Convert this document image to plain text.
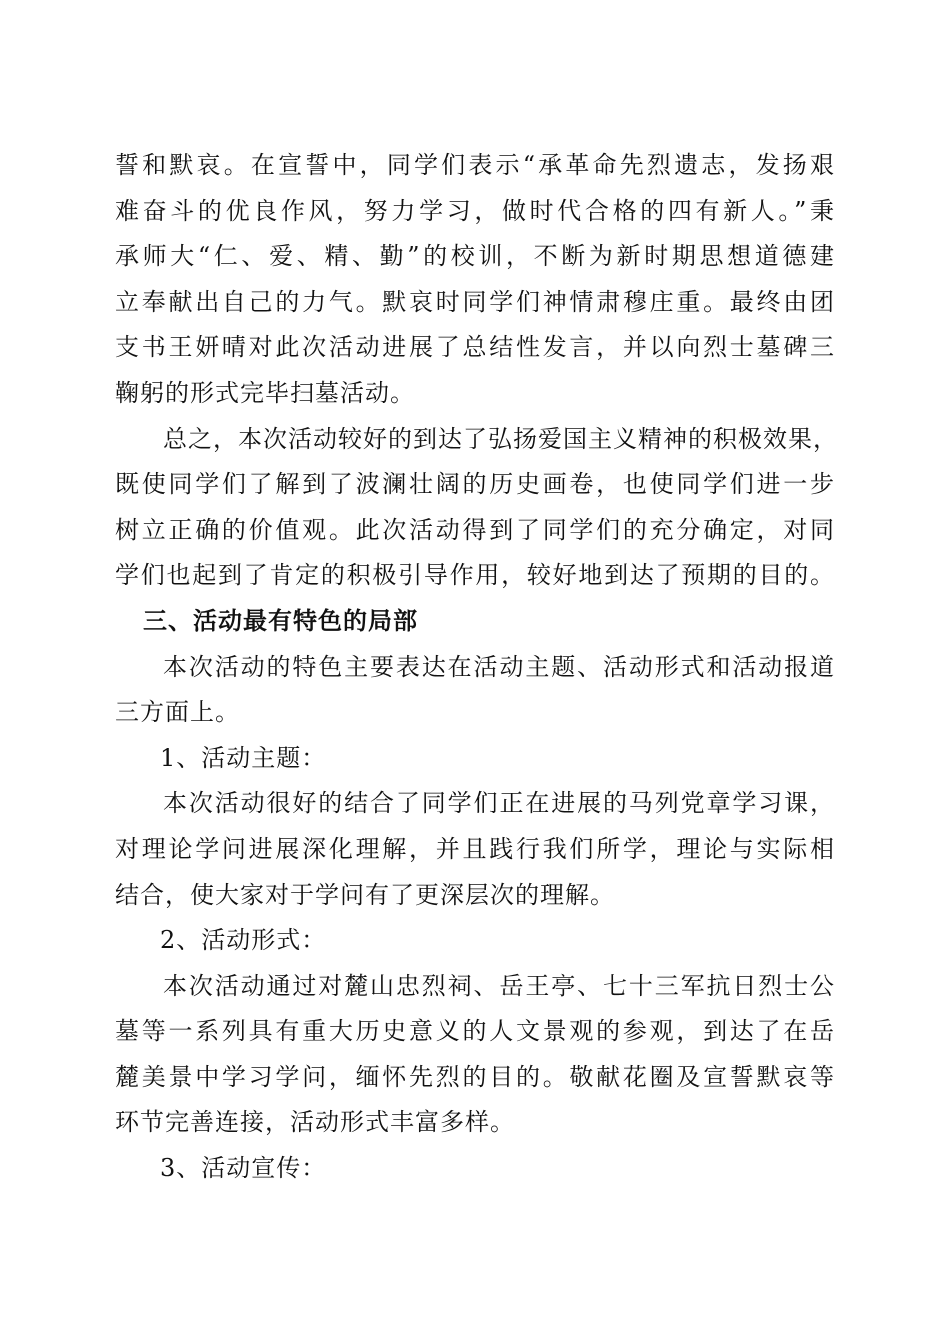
誓和默哀。在宣誓中，同学们表示“承革命先烈遗志，发扬艰
难奋斗的优良作风，努力学习，做时代合格的四有新人。”秉
承师大“仁、爱、精、勤”的校训，不断为新时期思想道德建
立奉献出自己的力气。默哀时同学们神情肃穆庄重。最终由团
支书王妍晴对此次活动进展了总结性发言，并以向烈士墓碑三
鞠躬的形式完毕扫墓活动。
总之，本次活动较好的到达了弘扬爱国主义精神的积极效果，
既使同学们了解到了波澜壮阔的历史画卷，也使同学们进一步
树立正确的价值观。此次活动得到了同学们的充分确定，对同
学们也起到了肯定的积极引导作用，较好地到达了预期的目的。
三、活动最有特色的局部
本次活动的特色主要表达在活动主题、活动形式和活动报道
三方面上。
1、活动主题：
本次活动很好的结合了同学们正在进展的马列党章学习课，
对理论学问进展深化理解，并且践行我们所学，理论与实际相
结合，使大家对于学问有了更深层次的理解。
2、活动形式：
本次活动通过对麓山忠烈祠、岳王亭、七十三军抗日烈士公
墓等一系列具有重大历史意义的人文景观的参观，到达了在岳
麓美景中学习学问，缅怀先烈的目的。敬献花圈及宣誓默哀等
环节完善连接，活动形式丰富多样。
3、活动宣传：
